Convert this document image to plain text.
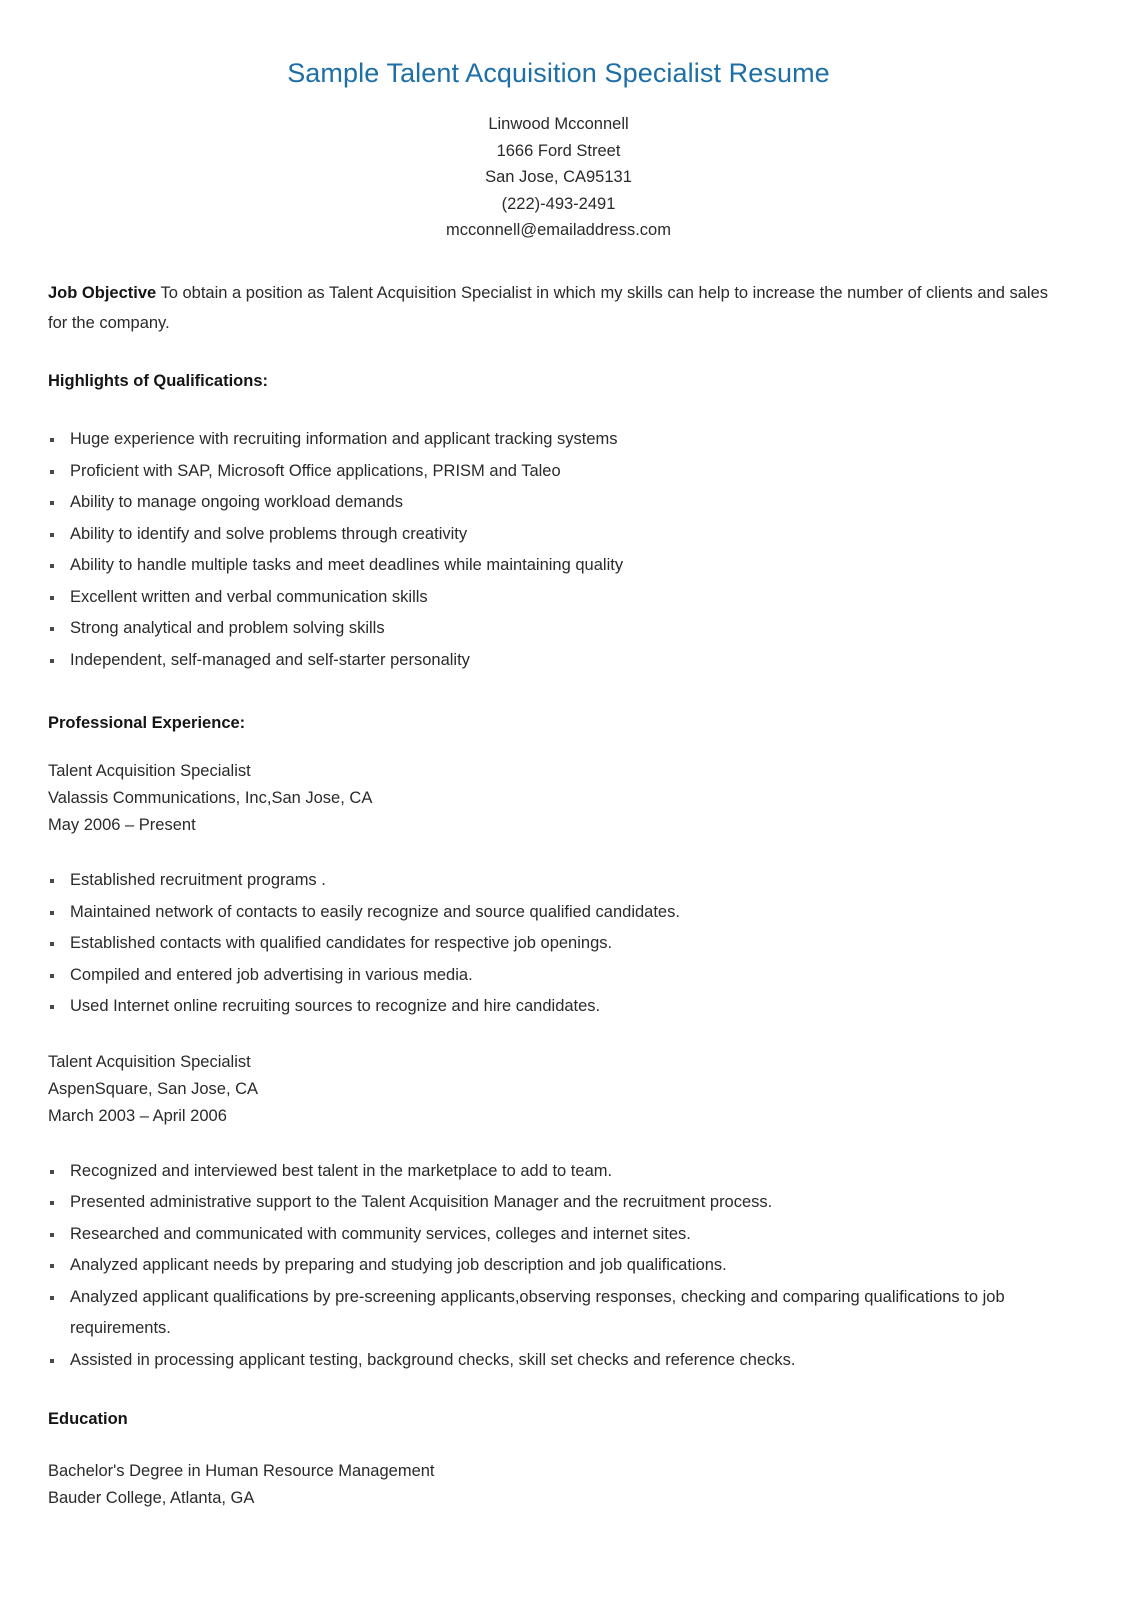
Sample Talent Acquisition Specialist Resume
Linwood Mcconnell
1666 Ford Street
San Jose, CA95131
(222)-493-2491
mcconnell@emailaddress.com

Job Objective To obtain a position as Talent Acquisition Specialist in which my skills can help to increase the number of clients and sales for the company.

Highlights of Qualifications:
Huge experience with recruiting information and applicant tracking systems
Proficient with SAP, Microsoft Office applications, PRISM and Taleo
Ability to manage ongoing workload demands
Ability to identify and solve problems through creativity
Ability to handle multiple tasks and meet deadlines while maintaining quality
Excellent written and verbal communication skills
Strong analytical and problem solving skills
Independent, self-managed and self-starter personality
Professional Experience:
Talent Acquisition Specialist
Valassis Communications, Inc,San Jose, CA
May 2006 – Present
Established recruitment programs .
Maintained network of contacts to easily recognize and source qualified candidates.
Established contacts with qualified candidates for respective job openings.
Compiled and entered job advertising in various media.
Used Internet online recruiting sources to recognize and hire candidates.
Talent Acquisition Specialist
AspenSquare, San Jose, CA
March 2003 – April 2006
Recognized and interviewed best talent in the marketplace to add to team.
Presented administrative support to the Talent Acquisition Manager and the recruitment process.
Researched and communicated with community services, colleges and internet sites.
Analyzed applicant needs by preparing and studying job description and job qualifications.
Analyzed applicant qualifications by pre-screening applicants,observing responses, checking and comparing qualifications to job requirements.
Assisted in processing applicant testing, background checks, skill set checks and reference checks.
Education
Bachelor's Degree in Human Resource Management
Bauder College, Atlanta, GA
